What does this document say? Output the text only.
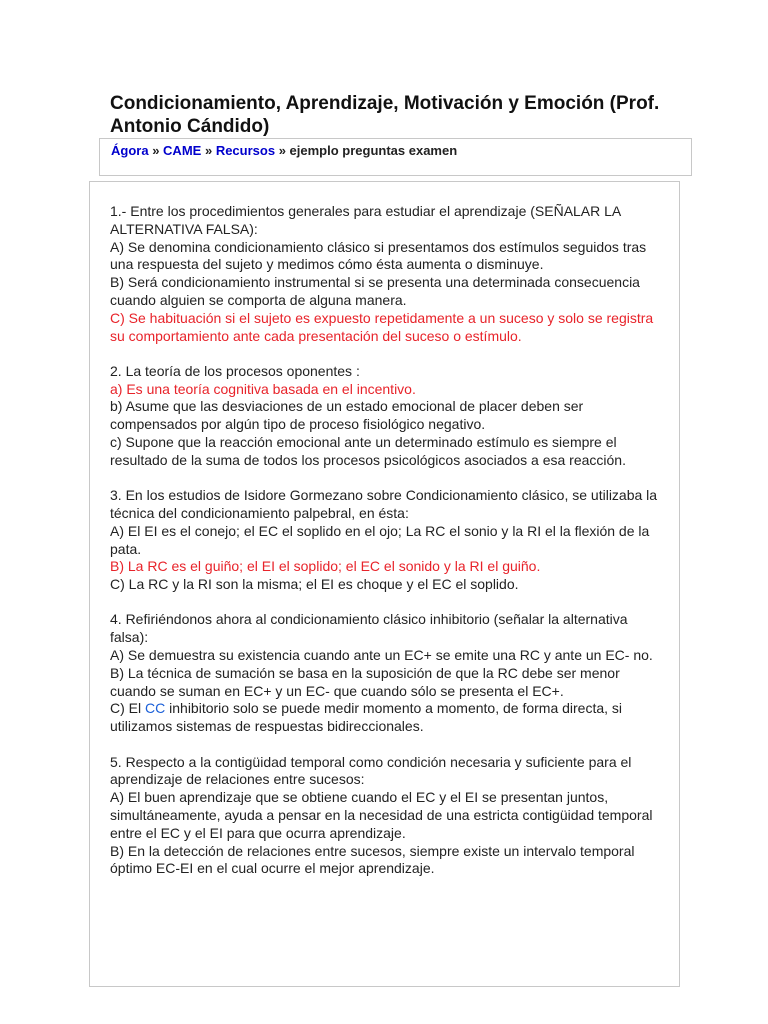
Condicionamiento, Aprendizaje, Motivación y Emoción (Prof. Antonio Cándido)
Ágora » CAME » Recursos » ejemplo preguntas examen
1.- Entre los procedimientos generales para estudiar el aprendizaje (SEÑALAR LA ALTERNATIVA FALSA):
A) Se denomina condicionamiento clásico si presentamos dos estímulos seguidos tras una respuesta del sujeto y medimos cómo ésta aumenta o disminuye.
B) Será condicionamiento instrumental si se presenta una determinada consecuencia cuando alguien se comporta de alguna manera.
C) Se habituación si el sujeto es expuesto repetidamente a un suceso y solo se registra su comportamiento ante cada presentación del suceso o estímulo.
2. La teoría de los procesos oponentes :
a) Es una teoría cognitiva basada en el incentivo.
b) Asume que las desviaciones de un estado emocional de placer deben ser compensados por algún tipo de proceso fisiológico negativo.
c) Supone que la reacción emocional ante un determinado estímulo es siempre el resultado de la suma de todos los procesos psicológicos asociados a esa reacción.
3. En los estudios de Isidore Gormezano sobre Condicionamiento clásico, se utilizaba la técnica del condicionamiento palpebral, en ésta:
A) El EI es el conejo; el EC el soplido en el ojo; La RC el sonio y la RI el la flexión de la pata.
B) La RC es el guiño; el EI el soplido; el EC el sonido y la RI el guiño.
C) La RC y la RI son la misma; el EI es choque y el EC el soplido.
4. Refiriéndonos ahora al condicionamiento clásico inhibitorio (señalar la alternativa falsa):
A) Se demuestra su existencia cuando ante un EC+ se emite una RC y ante un EC- no.
B) La técnica de sumación se basa en la suposición de que la RC debe ser menor cuando se suman en EC+ y un EC- que cuando sólo se presenta el EC+.
C) El CC inhibitorio solo se puede medir momento a momento, de forma directa, si utilizamos sistemas de respuestas bidireccionales.
5. Respecto a la contigüidad temporal como condición necesaria y suficiente para el aprendizaje de relaciones entre sucesos:
A) El buen aprendizaje que se obtiene cuando el EC y el EI se presentan juntos, simultáneamente, ayuda a pensar en la necesidad de una estricta contigüidad temporal entre el EC y el EI para que ocurra aprendizaje.
B) En la detección de relaciones entre sucesos, siempre existe un intervalo temporal óptimo EC-EI en el cual ocurre el mejor aprendizaje.
